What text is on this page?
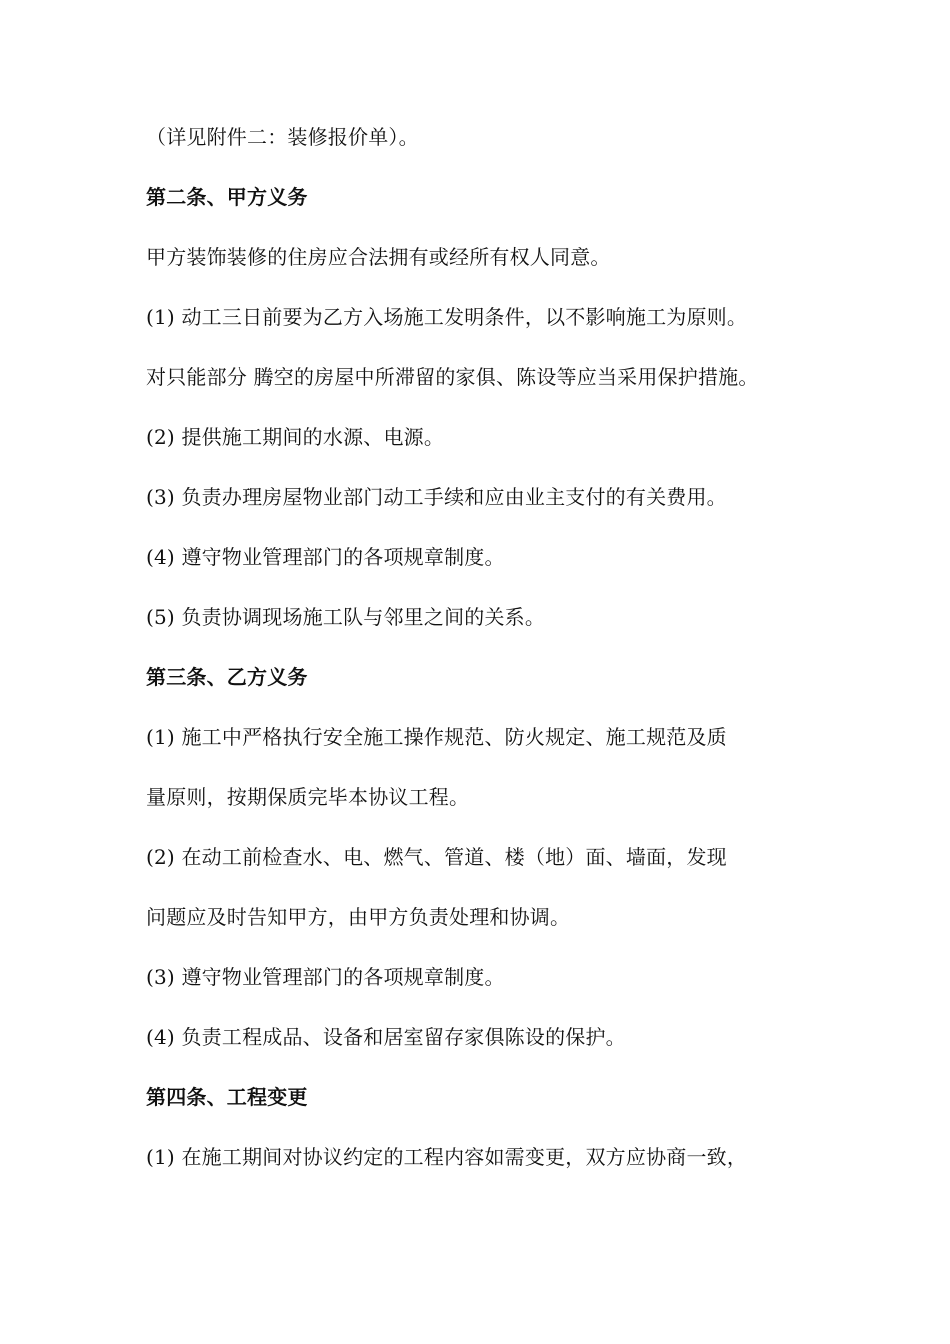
（详见附件二：装修报价单）。
第二条、甲方义务
甲方装饰装修的住房应合法拥有或经所有权人同意。
(1) 动工三日前要为乙方入场施工发明条件，以不影响施工为原则。
对只能部分 腾空的房屋中所滞留的家俱、陈设等应当采用保护措施。
(2) 提供施工期间的水源、电源。
(3) 负责办理房屋物业部门动工手续和应由业主支付的有关费用。
(4) 遵守物业管理部门的各项规章制度。
(5) 负责协调现场施工队与邻里之间的关系。
第三条、乙方义务
(1) 施工中严格执行安全施工操作规范、防火规定、施工规范及质
量原则，按期保质完毕本协议工程。
(2) 在动工前检查水、电、燃气、管道、楼（地）面、墙面，发现
问题应及时告知甲方，由甲方负责处理和协调。
(3) 遵守物业管理部门的各项规章制度。
(4) 负责工程成品、设备和居室留存家俱陈设的保护。
第四条、工程变更
(1) 在施工期间对协议约定的工程内容如需变更，双方应协商一致，
